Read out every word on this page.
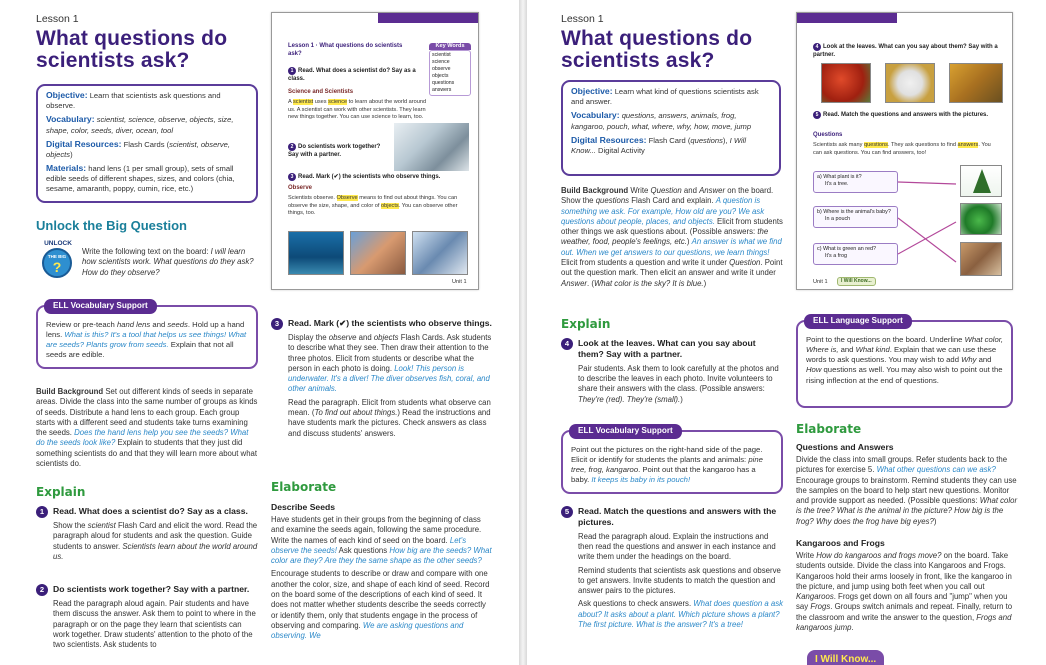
Lesson 1
What questions do scientists ask?

Objective: Learn that scientists ask questions and observe.

Vocabulary: scientist, science, observe, objects, size, shape, color, seeds, diver, ocean, tool

Digital Resources: Flash Cards (scientist, observe, objects)

Materials: hand lens (1 per small group), sets of small edible seeds of different shapes, sizes, and colors (chia, sesame, amaranth, poppy, cumin, rice, etc.)

Unlock the Big Question
UNLOCK
THE BIG
?
Write the following text on the board: I will learn how scientists work. What questions do they ask? How do they observe?
ELL Vocabulary Support
Review or pre-teach hand lens and seeds. Hold up a hand lens. What is this? It's a tool that helps us see things! What are seeds? Plants grow from seeds. Explain that not all seeds are edible.
Build Background Set out different kinds of seeds in separate areas. Divide the class into the same number of groups as kinds of seeds. Distribute a hand lens to each group. Each group starts with a different seed and students take turns examining the seeds. Does the hand lens help you see the seeds? What do the seeds look like? Explain to students that they just did something scientists do and that they will learn more about what scientists do.
Explain
1	Read. What does a scientist do? Say as a class.
Show the scientist Flash Card and elicit the word. Read the paragraph aloud for students and ask the question. Guide students to answer. Scientists learn about the world around us.
2	Do scientists work together? Say with a partner.
Read the paragraph aloud again. Pair students and have them discuss the answer. Ask them to point to where in the paragraph or on the page they learn that scientists can work together. Draw students' attention to the photo of the two scientists. Ask students to
Lesson 1 · What questions do scientists ask?
Key Words
scientist
science
observe
objects
questions
answers
1 Read. What does a scientist do? Say as a class.
Science and Scientists
A scientist uses science to learn about the world around us. A scientist can work with other scientists. They learn new things together. You can use science to learn, too.
2 Do scientists work together? Say with a partner.
3 Read. Mark (✔) the scientists who observe things.
Observe
Scientists observe. Observe means to find out about things. You can observe the size, shape, and color of objects. You can observe other things, too.
Unit 1
3	Read. Mark (✔) the scientists who observe things.
Display the observe and objects Flash Cards. Ask students to describe what they see. Then draw their attention to the three photos. Elicit from students or describe what the person in each photo is doing. Look! This person is underwater. It's a diver! The diver observes fish, coral, and other animals.
Read the paragraph. Elicit from students what observe can mean. (To find out about things.) Read the instructions and have students mark the pictures. Check answers as class and discuss students' answers.
Elaborate
Describe Seeds
Have students get in their groups from the beginning of class and examine the seeds again, following the same procedure. Write the names of each kind of seed on the board. Let's observe the seeds! Ask questions How big are the seeds? What color are they? Are they the same shape as the other seeds?
Encourage students to describe or draw and compare with one another the color, size, and shape of each kind of seed. Record on the board some of the descriptions of each kind of seed. It does not matter whether students describe the seeds correctly or identify them, only that students engage in the process of observing and comparing. We are asking questions and observing. We
Lesson 1
What questions do scientists ask?

Objective: Learn what kind of questions scientists ask and answer.

Vocabulary: questions, answers, animals, frog, kangaroo, pouch, what, where, why, how, move, jump

Digital Resources: Flash Card (questions), I Will Know... Digital Activity

Build Background Write Question and Answer on the board. Show the questions Flash Card and explain. A question is something we ask. For example, How old are you? We ask questions about people, places, and objects. Elicit from students other things we ask questions about. (Possible answers: the weather, food, people's feelings, etc.) An answer is what we find out. When we get answers to our questions, we learn things! Elicit from students a question and write it under Question. Point out the question mark. Then elicit an answer and write it under Answer. (What color is the sky? It is blue.)
Explain
4	Look at the leaves. What can you say about them? Say with a partner.
Pair students. Ask them to look carefully at the photos and to describe the leaves in each photo. Invite volunteers to share their answers with the class. (Possible answers: They're (red). They're (small).)
ELL Vocabulary Support
Point out the pictures on the right-hand side of the page. Elicit or identify for students the plants and animals: pine tree, frog, kangaroo. Point out that the kangaroo has a baby. It keeps its baby in its pouch!
5	Read. Match the questions and answers with the pictures.
Read the paragraph aloud. Explain the instructions and then read the questions and answer in each instance and write them under the headings on the board.
Remind students that scientists ask questions and observe to get answers. Invite students to match the question and answer pairs to the pictures.
Ask questions to check answers. What does question a ask about? It asks about a plant. Which picture shows a plant? The first picture. What is the answer? It's a tree!
4 Look at the leaves. What can you say about them? Say with a partner.
5 Read. Match the questions and answers with the pictures.
Questions
Scientists ask many questions. They ask questions to find answers. You can ask questions. You can find answers, too!
a) What plant is it?
It's a tree.
b) Where is the animal's baby?
In a pouch
c) What is green an red?
It's a frog
Unit 1	I Will Know...
ELL Language Support
Point to the questions on the board. Underline What color, Where is, and What kind. Explain that we can use these words to ask questions. You may wish to add Why and How questions as well. You may also wish to point out the rising inflection at the end of questions.
Elaborate
Questions and Answers
Divide the class into small groups. Refer students back to the pictures for exercise 5. What other questions can we ask? Encourage groups to brainstorm. Remind students they can use the samples on the board to help start new questions. Monitor and provide support as needed. (Possible questions: What color is the tree? What is the animal in the picture? How big is the frog? Why does the frog have big eyes?)
Kangaroos and Frogs
Write How do kangaroos and frogs move? on the board. Take students outside. Divide the class into Kangaroos and Frogs. Kangaroos hold their arms loosely in front, like the kangaroo in the picture, and jump using both feet when you call out Kangaroos. Frogs get down on all fours and "jump" when you say Frogs. Groups switch animals and repeat. Finally, return to the classroom and write the answer to the question, Frogs and kangaroos jump.
I Will Know...
